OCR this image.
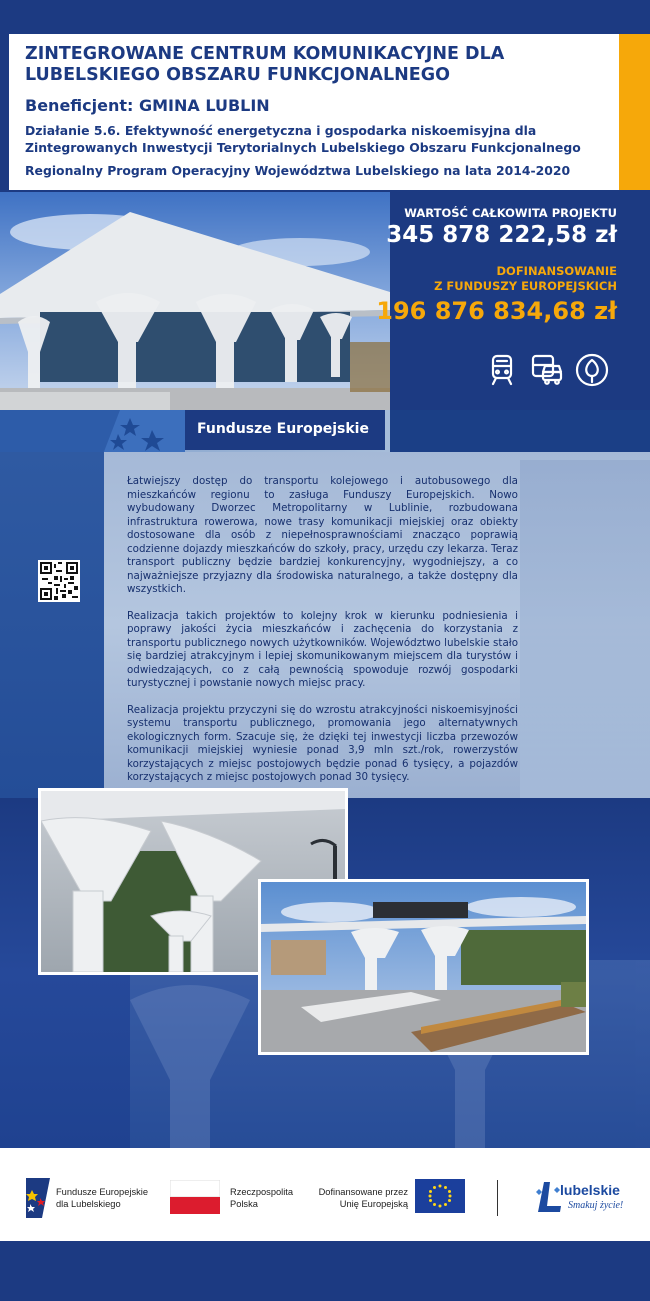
ZINTEGROWANE CENTRUM KOMUNIKACYJNE DLA
LUBELSKIEGO OBSZARU FUNKCJONALNEGO
Beneficjent: GMINA LUBLIN
Działanie 5.6. Efektywność energetyczna i gospodarka niskoemisyjna dla
Zintegrowanych Inwestycji Terytorialnych Lubelskiego Obszaru Funkcjonalnego
Regionalny Program Operacyjny Województwa Lubelskiego na lata 2014-2020
WARTOŚĆ CAŁKOWITA PROJEKTU
345 878 222,58 zł
DOFINANSOWANIE
Z FUNDUSZY EUROPEJSKICH
196 876 834,68 zł
Fundusze Europejskie

Łatwiejszy dostęp do transportu kolejowego i autobusowego dla mieszkańców regionu to zasługa Funduszy Europejskich. Nowo wybudowany Dworzec Metropolitarny w Lublinie, rozbudowana infrastruktura rowerowa, nowe trasy komunikacji miejskiej oraz obiekty dostosowane dla osób z niepełnosprawnościami znacząco poprawią codzienne dojazdy mieszkańców do szkoły, pracy, urzędu czy lekarza. Teraz transport publiczny będzie bardziej konkurencyjny, wygodniejszy, a co najważniejsze przyjazny dla środowiska naturalnego, a także dostępny dla wszystkich.

Realizacja takich projektów to kolejny krok w kierunku podniesienia i poprawy jakości życia mieszkańców i zachęcenia do korzystania z transportu publicznego nowych użytkowników. Województwo lubelskie stało się bardziej atrakcyjnym i lepiej skomunikowanym miejscem dla turystów i odwiedzających, co z całą pewnością spowoduje rozwój gospodarki turystycznej i powstanie nowych miejsc pracy.

Realizacja projektu przyczyni się do wzrostu atrakcyjności niskoemisyjności systemu transportu publicznego, promowania jego alternatywnych ekologicznych form. Szacuje się, że dzięki tej inwestycji liczba przewozów komunikacji miejskiej wyniesie ponad 3,9 mln szt./rok, rowerzystów korzystających z miejsc postojowych będzie ponad 6 tysięcy, a pojazdów korzystających z miejsc postojowych ponad 30 tysięcy.

Fundusze Europejskie
dla Lubelskiego
Rzeczpospolita
Polska
Dofinansowane przez
Unię Europejską
lubelskie
Smakuj życie!
